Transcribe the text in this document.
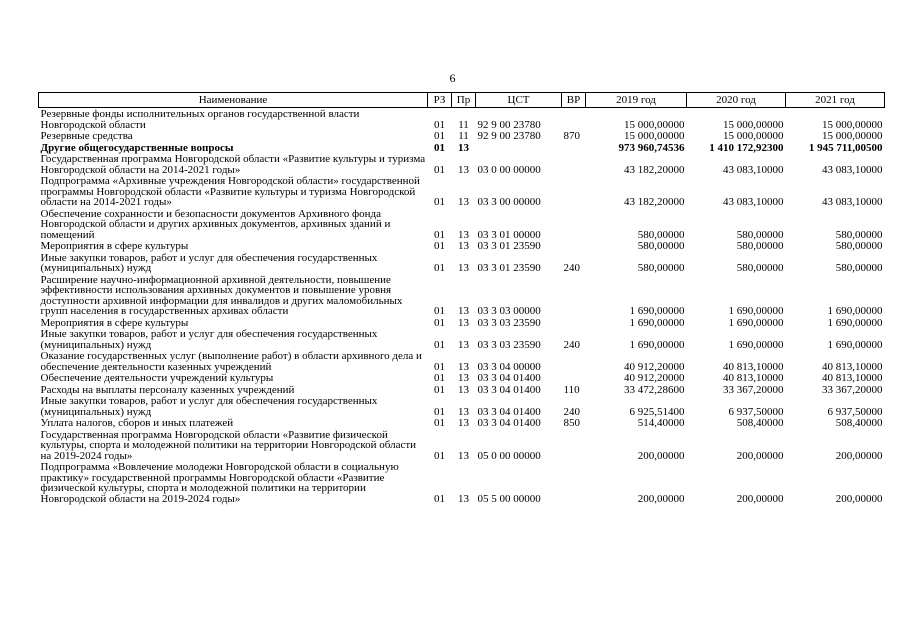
6
Наименование	РЗ	Пр	ЦСТ	ВР	2019 год	2020 год	2021 год
Резервные фонды исполнительных органов государственной власти Новгородской области	01	11	92 9 00 23780		15 000,00000	15 000,00000	15 000,00000
Резервные средства	01	11	92 9 00 23780	870	15 000,00000	15 000,00000	15 000,00000
Другие общегосударственные вопросы	01	13			973 960,74536	1 410 172,92300	1 945 711,00500
Государственная программа Новгородской области «Развитие культуры и туризма Новгородской области на 2014-2021 годы»	01	13	03 0 00 00000		43 182,20000	43 083,10000	43 083,10000
Подпрограмма «Архивные учреждения Новгородской области» государственной программы Новгородской области «Развитие культуры и туризма Новгородской области на 2014-2021 годы»	01	13	03 3 00 00000		43 182,20000	43 083,10000	43 083,10000
Обеспечение сохранности и безопасности документов Архивного фонда Новгородской области и других архивных документов, архивных зданий и помещений	01	13	03 3 01 00000		580,00000	580,00000	580,00000
Мероприятия в сфере культуры	01	13	03 3 01 23590		580,00000	580,00000	580,00000
Иные закупки товаров, работ и услуг для обеспечения государственных (муниципальных) нужд	01	13	03 3 01 23590	240	580,00000	580,00000	580,00000
Расширение научно-информационной архивной деятельности, повышение эффективности использования архивных документов и повышение уровня доступности архивной информации для инвалидов и других маломобильных групп населения в государственных архивах области	01	13	03 3 03 00000		1 690,00000	1 690,00000	1 690,00000
Мероприятия в сфере культуры	01	13	03 3 03 23590		1 690,00000	1 690,00000	1 690,00000
Иные закупки товаров, работ и услуг для обеспечения государственных (муниципальных) нужд	01	13	03 3 03 23590	240	1 690,00000	1 690,00000	1 690,00000
Оказание государственных услуг (выполнение работ) в области архивного дела и обеспечение деятельности казенных учреждений	01	13	03 3 04 00000		40 912,20000	40 813,10000	40 813,10000
Обеспечение деятельности учреждений культуры	01	13	03 3 04 01400		40 912,20000	40 813,10000	40 813,10000
Расходы на выплаты персоналу казенных учреждений	01	13	03 3 04 01400	110	33 472,28600	33 367,20000	33 367,20000
Иные закупки товаров, работ и услуг для обеспечения государственных (муниципальных) нужд	01	13	03 3 04 01400	240	6 925,51400	6 937,50000	6 937,50000
Уплата налогов, сборов и иных платежей	01	13	03 3 04 01400	850	514,40000	508,40000	508,40000
Государственная программа Новгородской области «Развитие физической культуры, спорта и молодежной политики на территории Новгородской области на 2019-2024 годы»	01	13	05 0 00 00000		200,00000	200,00000	200,00000
Подпрограмма «Вовлечение молодежи Новгородской области в социальную практику» государственной программы Новгородской области «Развитие физической культуры, спорта и молодежной политики на территории Новгородской области на 2019-2024 годы»	01	13	05 5 00 00000		200,00000	200,00000	200,00000
